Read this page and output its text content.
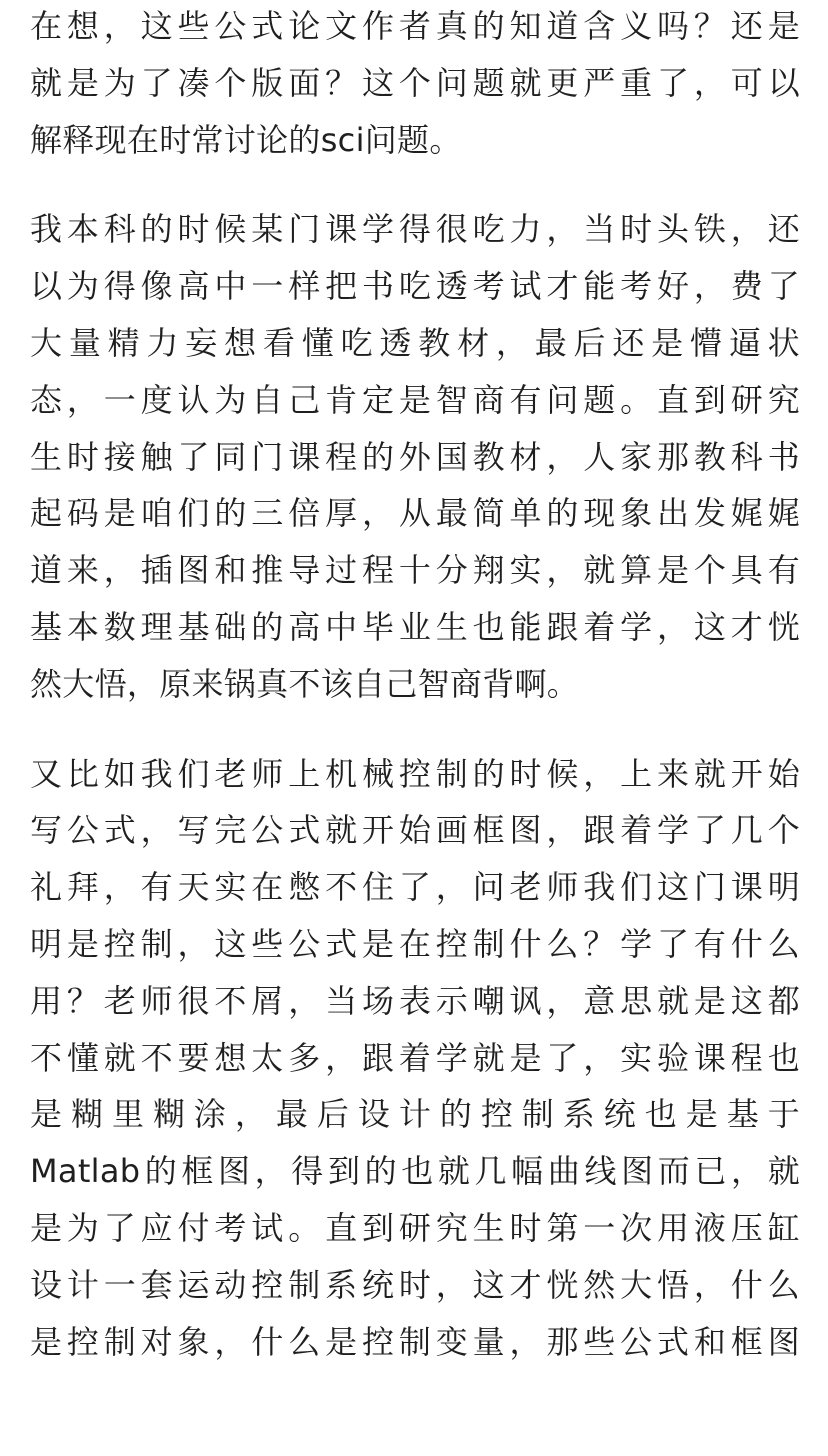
在想，这些公式论文作者真的知道含义吗？还是
就是为了凑个版面？这个问题就更严重了，可以
解释现在时常讨论的sci问题。
我本科的时候某门课学得很吃力，当时头铁，还
以为得像高中一样把书吃透考试才能考好，费了
大量精力妄想看懂吃透教材，最后还是懵逼状
态，一度认为自己肯定是智商有问题。直到研究
生时接触了同门课程的外国教材，人家那教科书
起码是咱们的三倍厚，从最简单的现象出发娓娓
道来，插图和推导过程十分翔实，就算是个具有
基本数理基础的高中毕业生也能跟着学，这才恍
然大悟，原来锅真不该自己智商背啊。
又比如我们老师上机械控制的时候，上来就开始
写公式，写完公式就开始画框图，跟着学了几个
礼拜，有天实在憋不住了，问老师我们这门课明
明是控制，这些公式是在控制什么？学了有什么
用？老师很不屑，当场表示嘲讽，意思就是这都
不懂就不要想太多，跟着学就是了，实验课程也
是糊里糊涂，最后设计的控制系统也是基于
Matlab的框图，得到的也就几幅曲线图而已，就
是为了应付考试。直到研究生时第一次用液压缸
设计一套运动控制系统时，这才恍然大悟，什么
是控制对象，什么是控制变量，那些公式和框图
